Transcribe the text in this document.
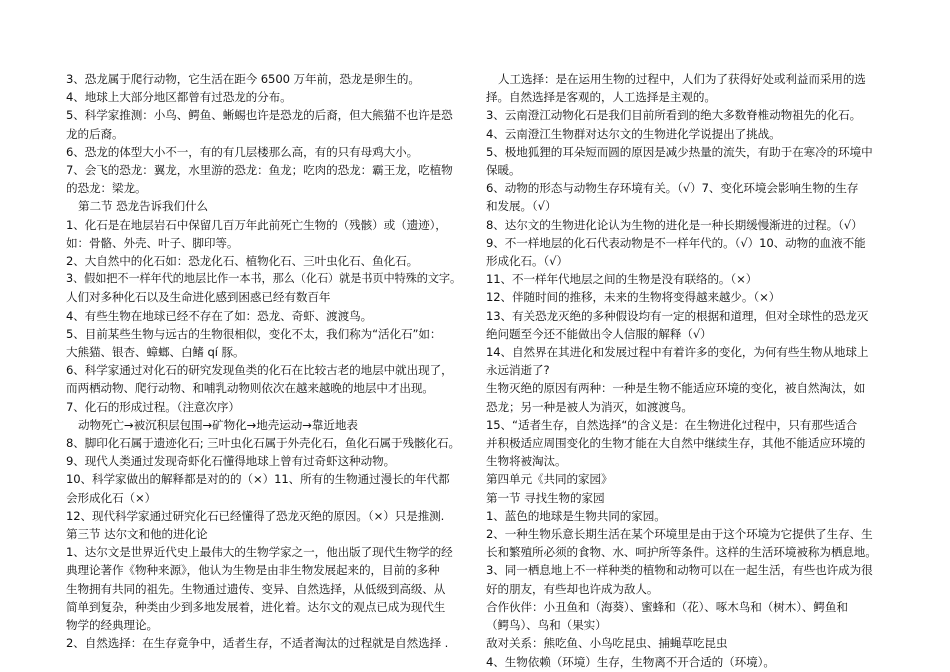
3、恐龙属于爬行动物，它生活在距今 6500 万年前，恐龙是卵生的。

4、地球上大部分地区都曾有过恐龙的分布。

5、科学家推测：小鸟、鳄鱼、蜥蜴也许是恐龙的后裔，但大熊猫不也许是恐

龙的后裔。

6、恐龙的体型大小不一，有的有几层楼那么高，有的只有母鸡大小。

7、会飞的恐龙：翼龙，水里游的恐龙：鱼龙；吃肉的恐龙：霸王龙，吃植物

的恐龙：梁龙。

第二节 恐龙告诉我们什么

1、化石是在地层岩石中保留几百万年此前死亡生物的（残骸）或（遗迹），

如：骨骼、外壳、叶子、脚印等。

2、大自然中的化石如：恐龙化石、植物化石、三叶虫化石、鱼化石。

3、假如把不一样年代的地层比作一本书，那么（化石）就是书页中特殊的文字。

人们对多种化石以及生命进化感到困惑已经有数百年

4、有些生物在地球已经不存在了如：恐龙、奇虾、渡渡鸟。

5、目前某些生物与远古的生物很相似，变化不太，我们称为“活化石”如：

大熊猫、银杏、蟑螂、白鳍 qí 豚。

6、科学家通过对化石的研究发现鱼类的化石在比较古老的地层中就出现了，

而两栖动物、爬行动物、和哺乳动物则依次在越来越晚的地层中才出现。

7、化石的形成过程。（注意次序）

动物死亡→被沉积层包围→矿物化→地壳运动→靠近地表

8、脚印化石属于遗迹化石; 三叶虫化石属于外壳化石，鱼化石属于残骸化石。

9、现代人类通过发现奇虾化石懂得地球上曾有过奇虾这种动物。

10、科学家做出的解释都是对的的（×）11、所有的生物通过漫长的年代都

会形成化石（×）

12、现代科学家通过研究化石已经懂得了恐龙灭绝的原因。（×）只是推测.

第三节 达尔文和他的进化论

1、达尔文是世界近代史上最伟大的生物学家之一，他出版了现代生物学的经

典理论著作《物种来源》，他认为生物是由非生物发展起来的，目前的多种

生物拥有共同的祖先。生物通过遗传、变异、自然选择，从低级到高级、从

简单到复杂，种类由少到多地发展着，进化着。达尔文的观点已成为现代生

物学的经典理论。

2、自然选择：在生存竟争中，适者生存，不适者淘汰的过程就是自然选择 .

人工选择：是在运用生物的过程中，人们为了获得好处或利益而采用的选

择。自然选择是客观的，人工选择是主观的。

3、云南澄江动物化石是我们目前所看到的绝大多数脊椎动物祖先的化石。

4、云南澄江生物群对达尔文的生物进化学说提出了挑战。

5、极地狐狸的耳朵短而圆的原因是减少热量的流失，有助于在寒冷的环境中

保暖。

6、动物的形态与动物生存环境有关。（√）7、变化环境会影响生物的生存

和发展。（√）

8、达尔文的生物进化论认为生物的进化是一种长期缓慢渐进的过程。（√）

9、不一样地层的化石代表动物是不一样年代的。（√）10、动物的血液不能

形成化石。（√）

11、不一样年代地层之间的生物是没有联络的。（×）

12、伴随时间的推移，未来的生物将变得越来越少。（×）

13、有关恐龙灭绝的多种假设均有一定的根据和道理，但对全球性的恐龙灭

绝问题至今还不能做出令人信服的解释（√）

14、自然界在其进化和发展过程中有着许多的变化，为何有些生物从地球上

永远消逝了?

生物灭绝的原因有两种：一种是生物不能适应环境的变化，被自然淘汰，如

恐龙；另一种是被人为消灭，如渡渡鸟。

15、“适者生存，自然选择“的含义是：在生物进化过程中，只有那些适合

并积极适应周围变化的生物才能在大自然中继续生存，其他不能适应环境的

生物将被淘汰。

第四单元《共同的家园》

第一节 寻找生物的家园

1、蓝色的地球是生物共同的家园。

2、一种生物乐意长期生活在某个环境里是由于这个环境为它提供了生存、生

长和繁殖所必须的食物、水、呵护所等条件。这样的生活环境被称为栖息地。

3、同一栖息地上不一样种类的植物和动物可以在一起生活，有些也许成为很

好的朋友，有些却也许成为敌人。

合作伙伴：小丑鱼和（海葵）、蜜蜂和（花）、啄木鸟和（树木）、鳄鱼和

（鳄鸟）、鸟和（果实）

敌对关系：熊吃鱼、小鸟吃昆虫、捕蝇草吃昆虫

4、生物依赖（环境）生存，生物离不开合适的（环境）。
